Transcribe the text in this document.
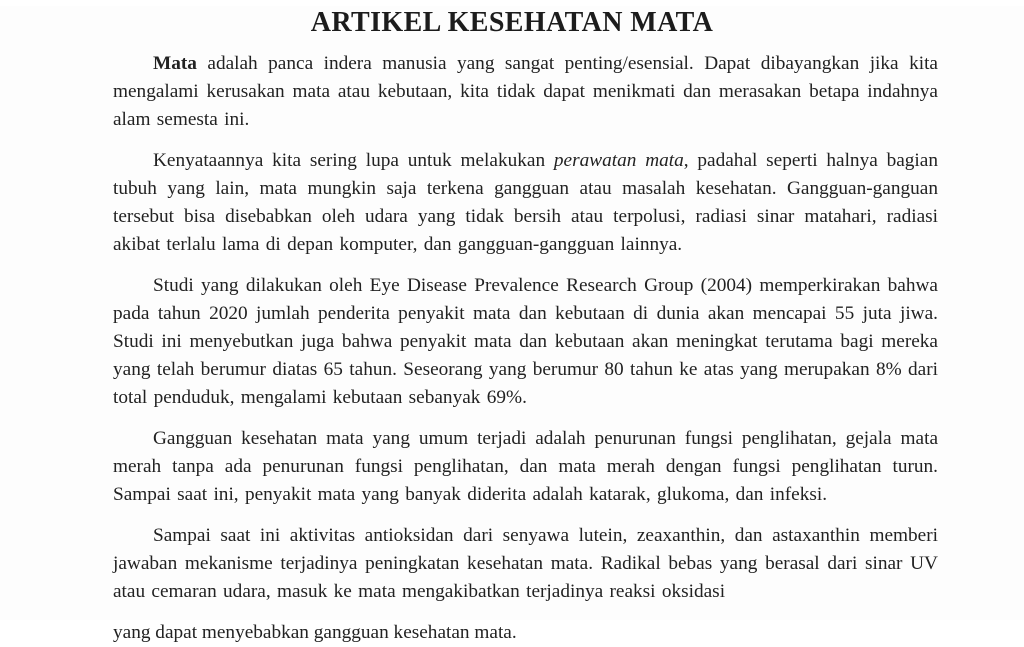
ARTIKEL KESEHATAN MATA

Mata adalah panca indera manusia yang sangat penting/esensial. Dapat dibayangkan jika kita mengalami kerusakan mata atau kebutaan, kita tidak dapat menikmati dan merasakan betapa indahnya alam semesta ini.

Kenyataannya kita sering lupa untuk melakukan perawatan mata, padahal seperti halnya bagian tubuh yang lain, mata mungkin saja terkena gangguan atau masalah kesehatan. Gangguan-ganguan tersebut bisa disebabkan oleh udara yang tidak bersih atau terpolusi, radiasi sinar matahari, radiasi akibat terlalu lama di depan komputer, dan gangguan-gangguan lainnya.

Studi yang dilakukan oleh Eye Disease Prevalence Research Group (2004) memperkirakan bahwa pada tahun 2020 jumlah penderita penyakit mata dan kebutaan di dunia akan mencapai 55 juta jiwa. Studi ini menyebutkan juga bahwa penyakit mata dan kebutaan akan meningkat terutama bagi mereka yang telah berumur diatas 65 tahun. Seseorang yang berumur 80 tahun ke atas yang merupakan 8% dari total penduduk, mengalami kebutaan sebanyak 69%.

Gangguan kesehatan mata yang umum terjadi adalah penurunan fungsi penglihatan, gejala mata merah tanpa ada penurunan fungsi penglihatan, dan mata merah dengan fungsi penglihatan turun. Sampai saat ini, penyakit mata yang banyak diderita adalah katarak, glukoma, dan infeksi.

Sampai saat ini aktivitas antioksidan dari senyawa lutein, zeaxanthin, dan astaxanthin memberi jawaban mekanisme terjadinya peningkatan kesehatan mata. Radikal bebas yang berasal dari sinar UV atau cemaran udara, masuk ke mata mengakibatkan terjadinya reaksi oksidasi

yang dapat menyebabkan gangguan kesehatan mata.
